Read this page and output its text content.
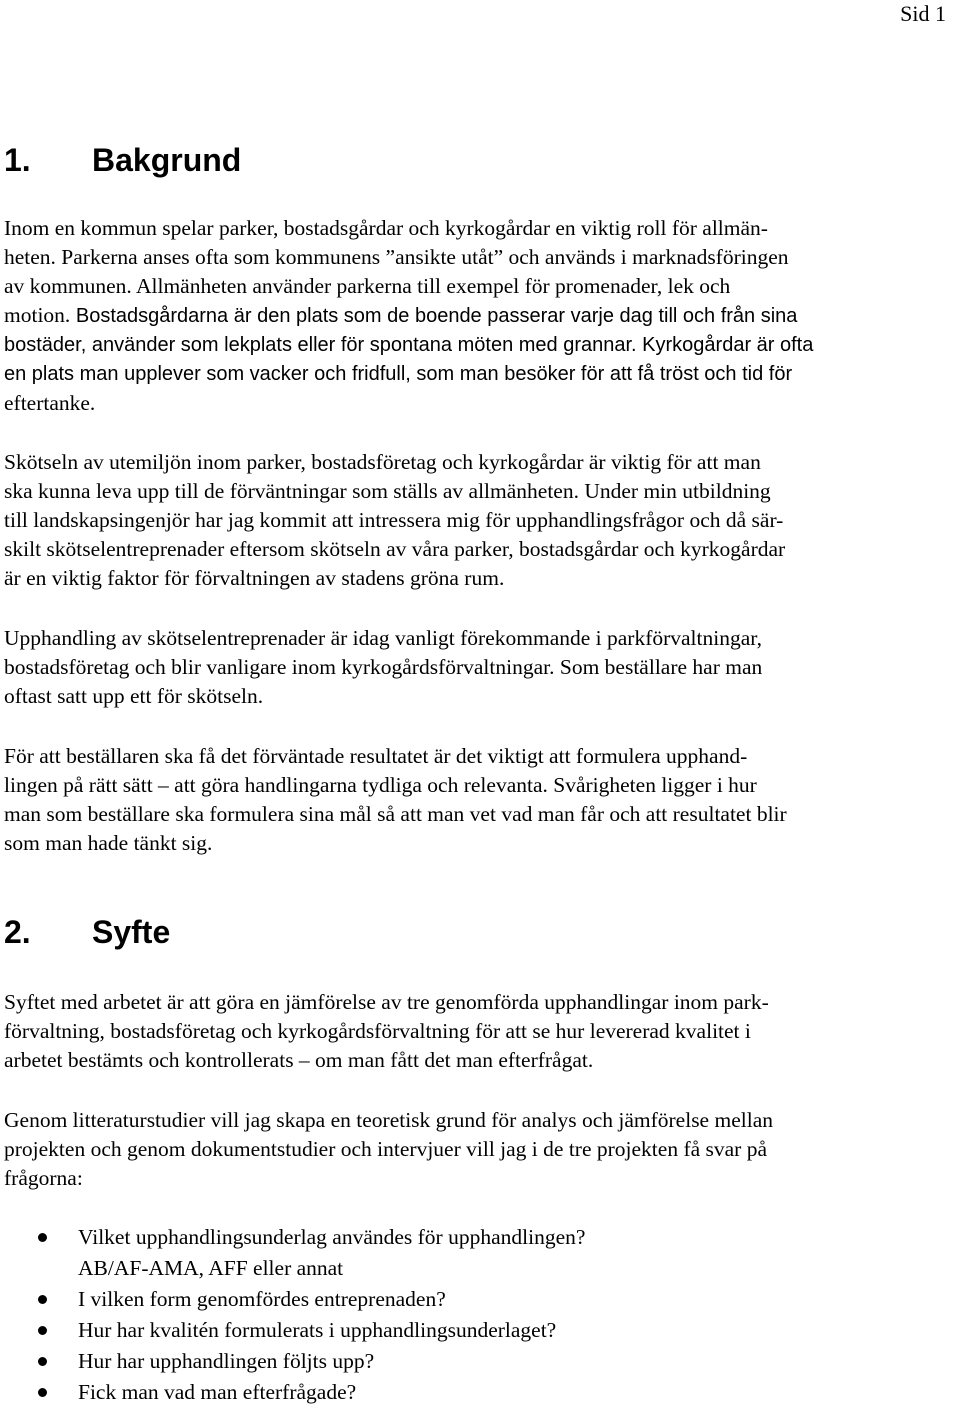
Sid 1
1. Bakgrund
Inom en kommun spelar parker, bostadsgårdar och kyrkogårdar en viktig roll för allmän-
heten. Parkerna anses ofta som kommunens ”ansikte utåt” och används i marknadsföringen
av kommunen. Allmänheten använder parkerna till exempel för promenader, lek och
motion. Bostadsgårdarna är den plats som de boende passerar varje dag till och från sina
bostäder, använder som lekplats eller för spontana möten med grannar. Kyrkogårdar är ofta
en plats man upplever som vacker och fridfull, som man besöker för att få tröst och tid för
eftertanke.
Skötseln av utemiljön inom parker, bostadsföretag och kyrkogårdar är viktig för att man
ska kunna leva upp till de förväntningar som ställs av allmänheten. Under min utbildning
till landskapsingenjör har jag kommit att intressera mig för upphandlingsfrågor och då sär-
skilt skötselentreprenader eftersom skötseln av våra parker, bostadsgårdar och kyrkogårdar
är en viktig faktor för förvaltningen av stadens gröna rum.
Upphandling av skötselentreprenader är idag vanligt förekommande i parkförvaltningar,
bostadsföretag och blir vanligare inom kyrkogårdsförvaltningar. Som beställare har man
oftast satt upp ett för skötseln.
För att beställaren ska få det förväntade resultatet är det viktigt att formulera upphand-
lingen på rätt sätt – att göra handlingarna tydliga och relevanta. Svårigheten ligger i hur
man som beställare ska formulera sina mål så att man vet vad man får och att resultatet blir
som man hade tänkt sig.
2. Syfte
Syftet med arbetet är att göra en jämförelse av tre genomförda upphandlingar inom park-
förvaltning, bostadsföretag och kyrkogårdsförvaltning för att se hur levererad kvalitet i
arbetet bestämts och kontrollerats – om man fått det man efterfrågat.
Genom litteraturstudier vill jag skapa en teoretisk grund för analys och jämförelse mellan
projekten och genom dokumentstudier och intervjuer vill jag i de tre projekten få svar på
frågorna:
Vilket upphandlingsunderlag användes för upphandlingen?
AB/AF-AMA, AFF eller annat
I vilken form genomfördes entreprenaden?
Hur har kvalitén formulerats i upphandlingsunderlaget?
Hur har upphandlingen följts upp?
Fick man vad man efterfrågade?
